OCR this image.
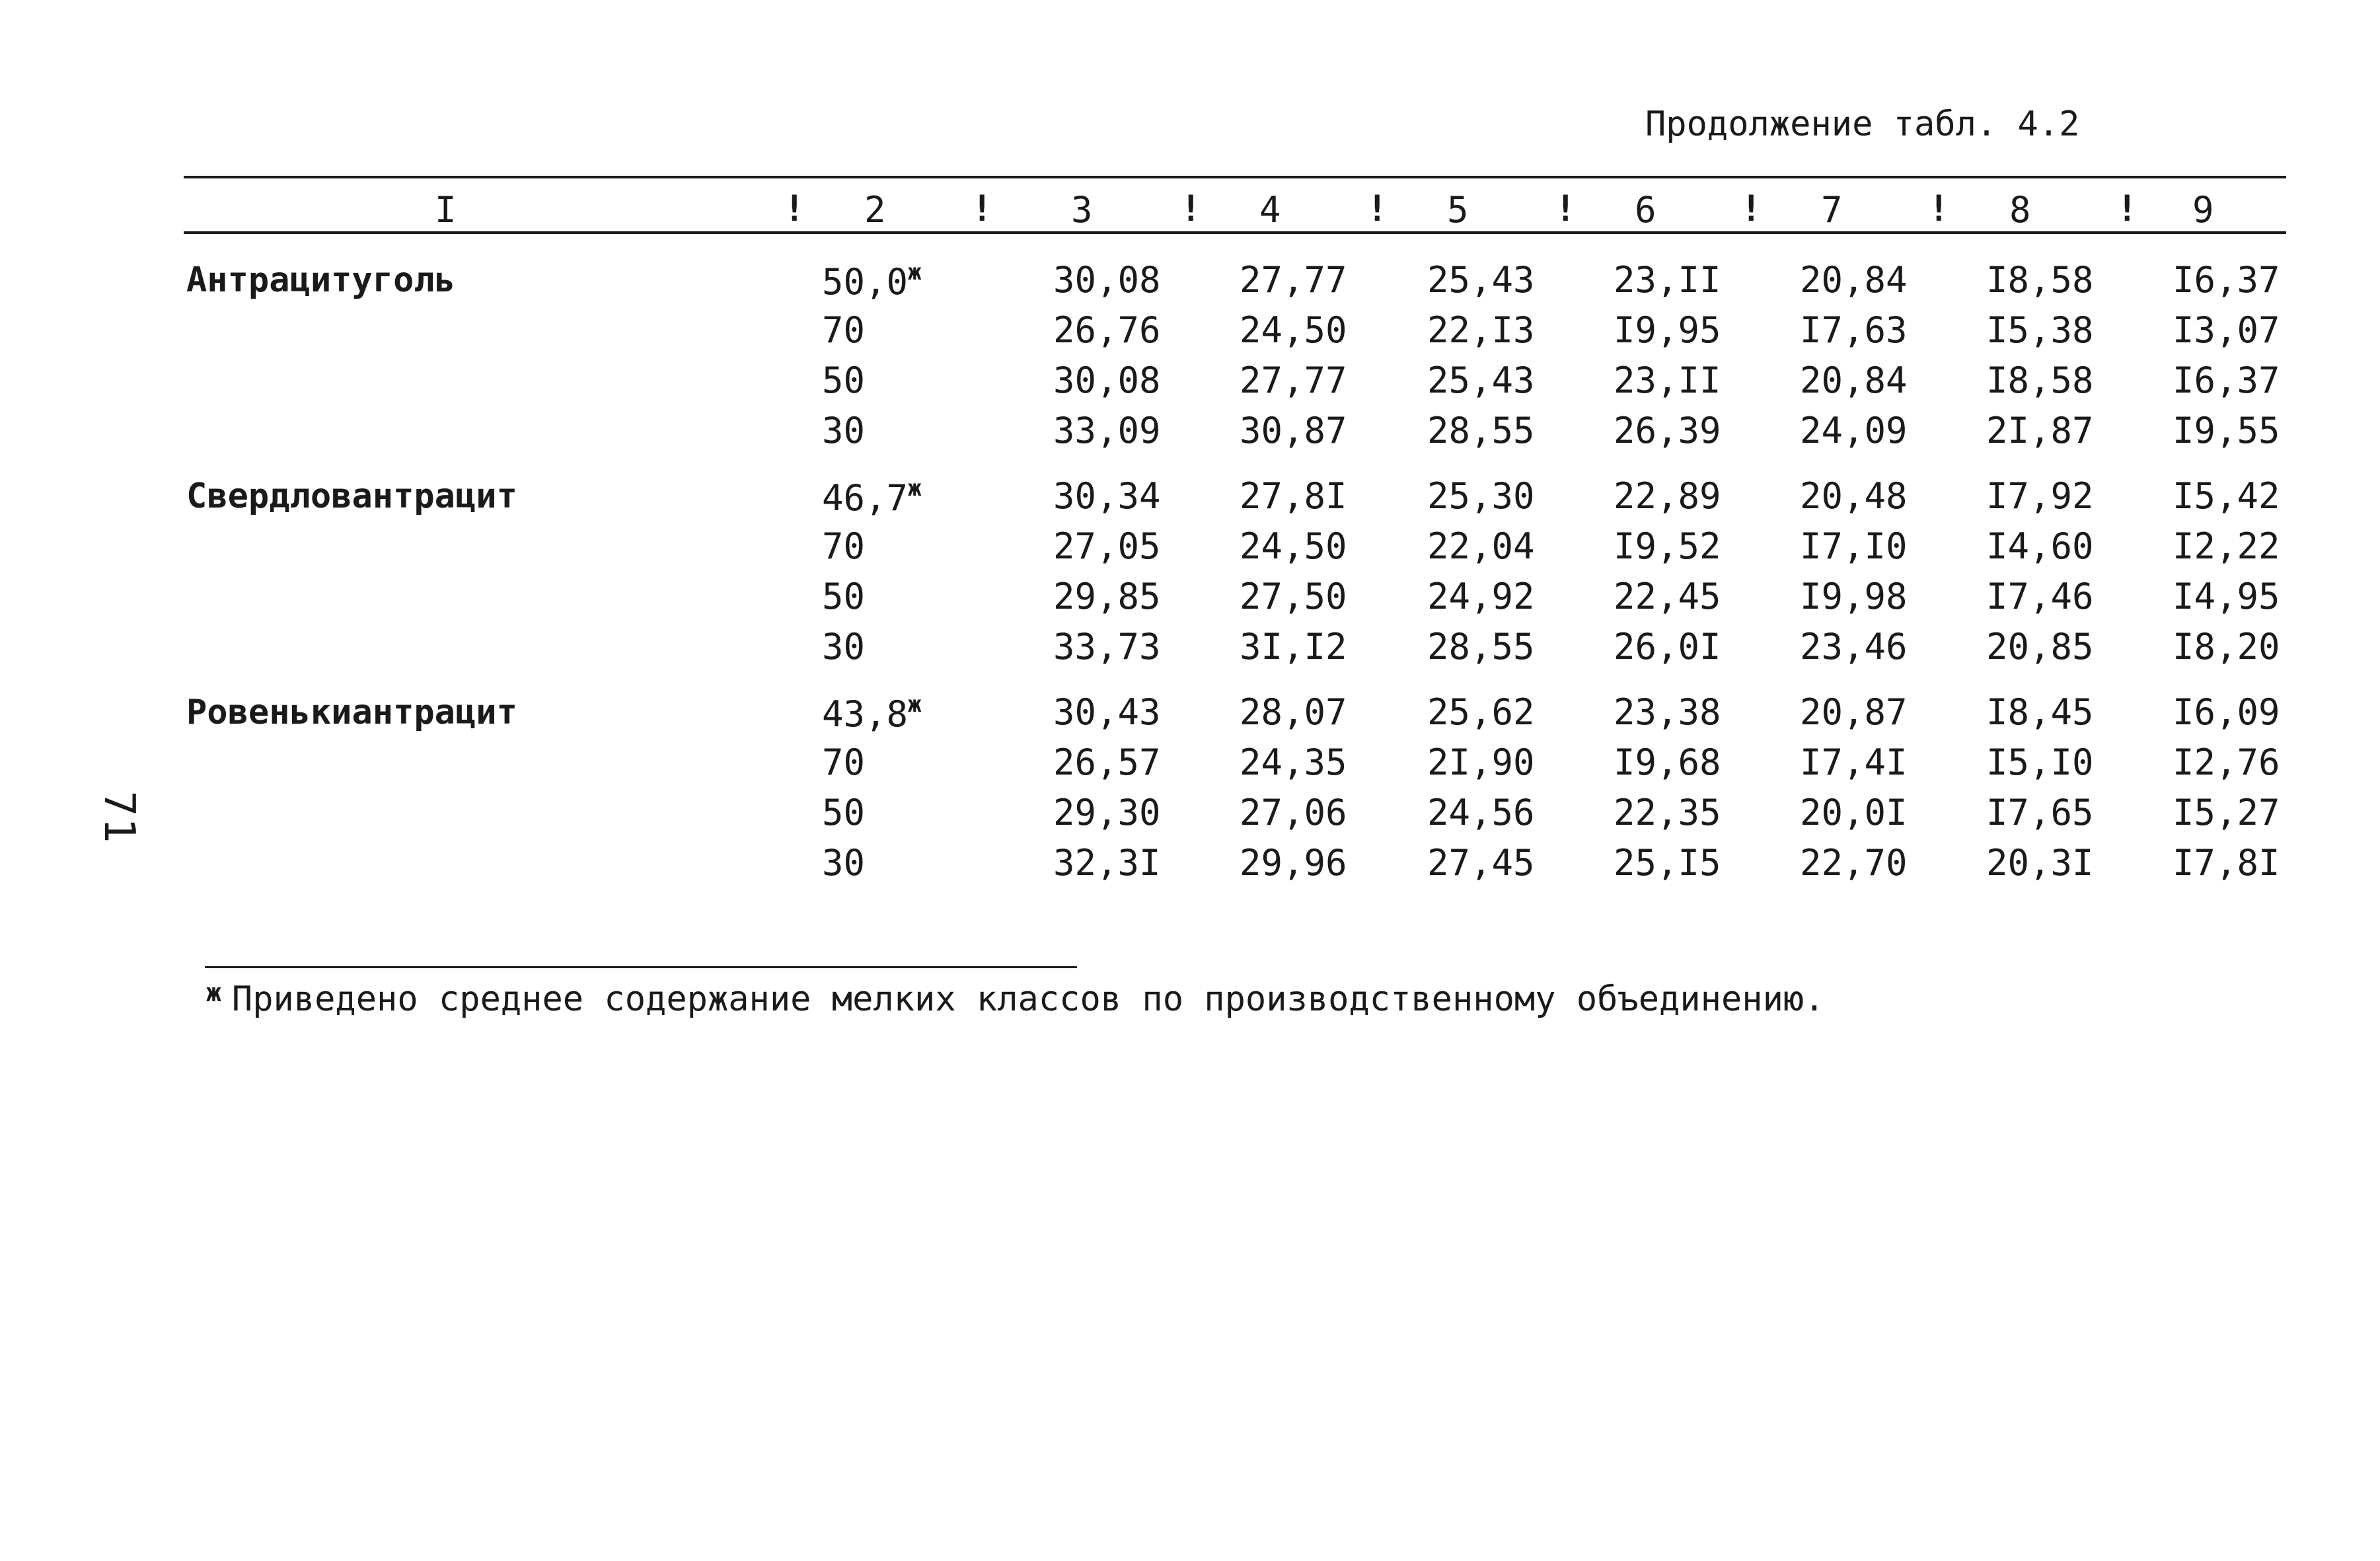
71
Продолжение табл. 4.2
I	! 2 ! 3 ! 4 ! 5 ! 6 ! 7 ! 8 ! 9
Антрацитуголь	$50,0^ж$	30,08 27,77 25,43 23,II 20,84 I8,58 I6,37
70	26,76 24,50 22,I3 I9,95 I7,63 I5,38 I3,07
50	30,08 27,77 25,43 23,II 20,84 I8,58 I6,37
30	33,09 30,87 28,55 26,39 24,09 2I,87 I9,55
Свердловантрацит	$46,7^ж$	30,34 27,8I 25,30 22,89 20,48 I7,92 I5,42
70	27,05 24,50 22,04 I9,52 I7,I0 I4,60 I2,22
50	29,85 27,50 24,92 22,45 I9,98 I7,46 I4,95
30	33,73 3I,I2 28,55 26,0I 23,46 20,85 I8,20
Ровенькиантрацит	$43,8^ж$	30,43 28,07 25,62 23,38 20,87 I8,45 I6,09
70	26,57 24,35 2I,90 I9,68 I7,4I I5,I0 I2,76
50	29,30 27,06 24,56 22,35 20,0I I7,65 I5,27
30	32,3I 29,96 27,45 25,I5 22,70 20,3I I7,8I
$^ж$ Приведено среднее содержание мелких классов по производственному объединению.
